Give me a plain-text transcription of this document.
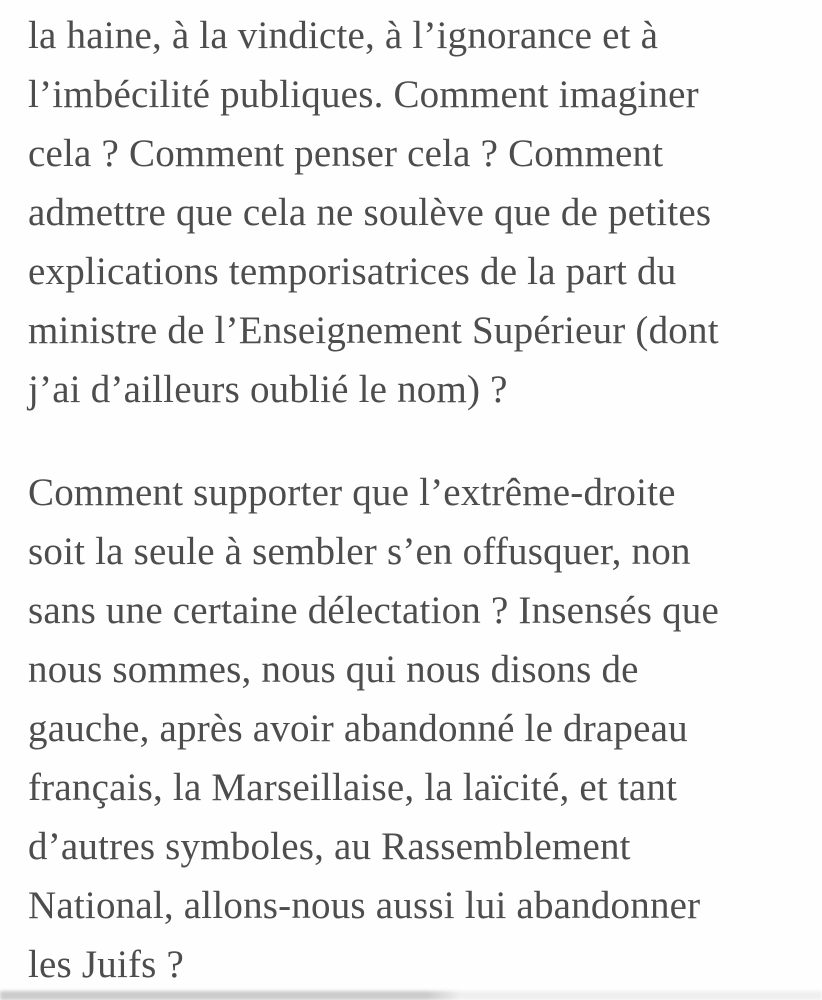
la haine, à la vindicte, à l’ignorance et à
l’imbécilité publiques. Comment imaginer
cela ? Comment penser cela ? Comment
admettre que cela ne soulève que de petites
explications temporisatrices de la part du
ministre de l’Enseignement Supérieur (dont
j’ai d’ailleurs oublié le nom) ?
Comment supporter que l’extrême-droite
soit la seule à sembler s’en offusquer, non
sans une certaine délectation ? Insensés que
nous sommes, nous qui nous disons de
gauche, après avoir abandonné le drapeau
français, la Marseillaise, la laïcité, et tant
d’autres symboles, au Rassemblement
National, allons-nous aussi lui abandonner
les Juifs ?
